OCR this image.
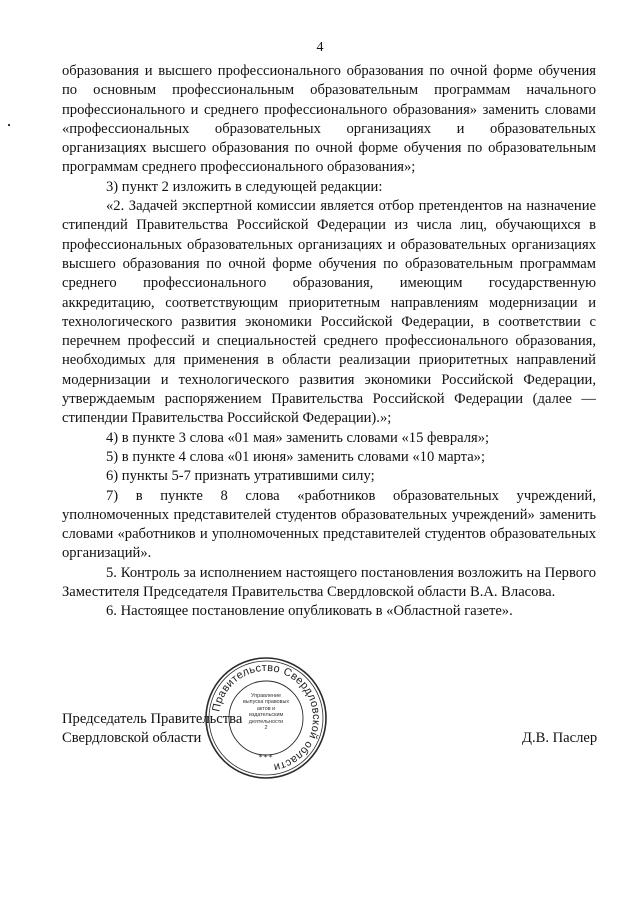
4

образования и высшего профессионального образования по очной форме обучения по основным профессиональным образовательным программам начального профессионального и среднего профессионального образования» заменить словами «профессиональных образовательных организациях и образовательных организациях высшего образования по очной форме обучения по образовательным программам среднего профессионального образования»;

3) пункт 2 изложить в следующей редакции:

«2. Задачей экспертной комиссии является отбор претендентов на назначение стипендий Правительства Российской Федерации из числа лиц, обучающихся в профессиональных образовательных организациях и образовательных организациях высшего образования по очной форме обучения по образовательным программам среднего профессионального образования, имеющим государственную аккредитацию, соответствующим приоритетным направлениям модернизации и технологического развития экономики Российской Федерации, в соответствии с перечнем профессий и специальностей среднего профессионального образования, необходимых для применения в области реализации приоритетных направлений модернизации и технологического развития экономики Российской Федерации, утверждаемым распоряжением Правительства Российской Федерации (далее — стипендии Правительства Российской Федерации).»;

4) в пункте 3 слова «01 мая» заменить словами «15 февраля»;

5) в пункте 4 слова «01 июня» заменить словами «10 марта»;

6) пункты 5-7 признать утратившими силу;

7) в пункте 8 слова «работников образовательных учреждений, уполномоченных представителей студентов образовательных учреждений» заменить словами «работников и уполномоченных представителей студентов образовательных организаций».

5. Контроль за исполнением настоящего постановления возложить на Первого Заместителя Председателя Правительства Свердловской области В.А. Власова.

6. Настоящее постановление опубликовать в «Областной газете».

Председатель Правительства

Свердловской области

Правительство Свердловской области
Управление
выпуска правовых
актов и издательским
деятельности
2
***
Д.В. Паслер
